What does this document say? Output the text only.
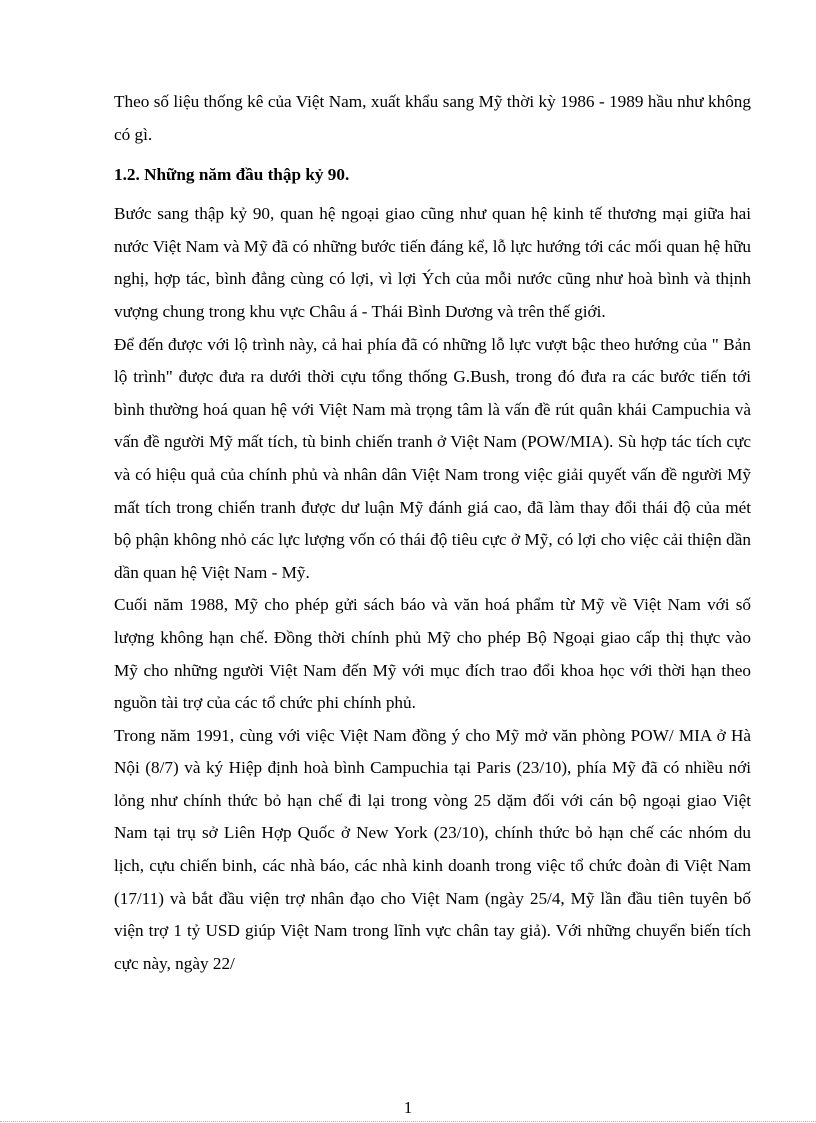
Theo số liệu thống kê của Việt Nam, xuất khẩu sang Mỹ thời kỳ 1986 - 1989 hầu như không có gì.

1.2. Những năm đầu thập kỷ 90.

Bước sang thập kỷ 90, quan hệ ngoại giao cũng như quan hệ kinh tế thương mại giữa hai nước Việt Nam và Mỹ đã có những bước tiến đáng kể, lỗ lực hướng tới các mối quan hệ hữu nghị, hợp tác, bình đẳng cùng có lợi, vì lợi Ých của mỗi nước cũng như hoà bình và thịnh vượng chung trong khu vực Châu á - Thái Bình Dương và trên thế giới.

Để đến được với lộ trình này, cả hai phía đã có những lỗ lực vượt bậc theo hướng của " Bản lộ trình" được đưa ra dưới thời cựu tổng thống G.Bush, trong đó đưa ra các bước tiến tới bình thường hoá quan hệ với Việt Nam mà trọng tâm là vấn đề rút quân khái Campuchia và vấn đề người Mỹ mất tích, tù binh chiến tranh ở Việt Nam (POW/MIA). Sù hợp tác tích cực và có hiệu quả của chính phủ và nhân dân Việt Nam trong việc giải quyết vấn đề người Mỹ mất tích trong chiến tranh được dư luận Mỹ đánh giá cao, đã làm thay đổi thái độ của mét bộ phận không nhỏ các lực lượng vốn có thái độ tiêu cực ở Mỹ, có lợi cho việc cải thiện dần dần quan hệ Việt Nam - Mỹ.

Cuối năm 1988, Mỹ cho phép gửi sách báo và văn hoá phẩm từ Mỹ về Việt Nam với số lượng không hạn chế. Đồng thời chính phủ Mỹ cho phép Bộ Ngoại giao cấp thị thực vào Mỹ cho những người Việt Nam đến Mỹ với mục đích trao đổi khoa học với thời hạn theo nguồn tài trợ của các tổ chức phi chính phủ.

Trong năm 1991, cùng với việc Việt Nam đồng ý cho Mỹ mở văn phòng POW/ MIA ở Hà Nội (8/7) và ký Hiệp định hoà bình Campuchia tại Paris (23/10), phía Mỹ đã có nhiều nới lỏng như chính thức bỏ hạn chế đi lại trong vòng 25 dặm đối với cán bộ ngoại giao Việt Nam tại trụ sở Liên Hợp Quốc ở New York (23/10), chính thức bỏ hạn chế các nhóm du lịch, cựu chiến binh, các nhà báo, các nhà kinh doanh trong việc tổ chức đoàn đi Việt Nam (17/11) và bắt đầu viện trợ nhân đạo cho Việt Nam (ngày 25/4, Mỹ lần đầu tiên tuyên bố viện trợ 1 tỷ USD giúp Việt Nam trong lĩnh vực chân tay giả). Với những chuyển biến tích cực này, ngày 22/

1
